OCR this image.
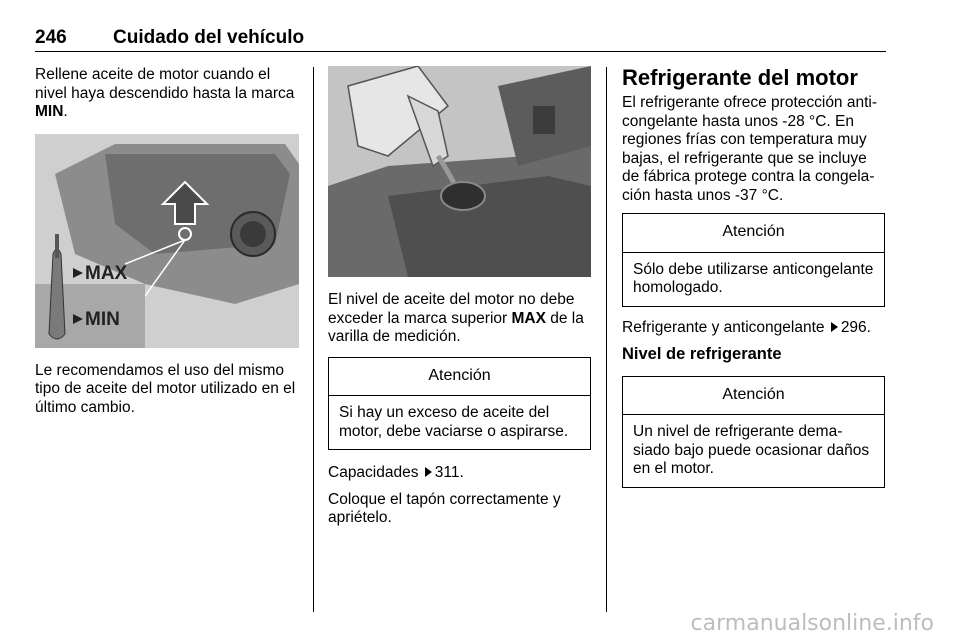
246 Cuidado del vehículo

Rellene aceite de motor cuando el nivel haya descendido hasta la marca MIN.

MAX
MIN

Le recomendamos el uso del mismo tipo de aceite del motor utilizado en el último cambio.

El nivel de aceite del motor no debe exceder la marca superior MAX de la varilla de medición.

Atención
Si hay un exceso de aceite del motor, debe vaciarse o aspirarse.

Capacidades 311.

Coloque el tapón correctamente y apriételo.

Refrigerante del motor

El refrigerante ofrece protección anticongelante hasta unos -28 °C. En regiones frías con temperatura muy bajas, el refrigerante que se incluye de fábrica protege contra la congelación hasta unos -37 °C.

Atención
Sólo debe utilizarse anticongelante homologado.

Refrigerante y anticongelante 296.

Nivel de refrigerante
Atención
Un nivel de refrigerante demasiado bajo puede ocasionar daños en el motor.
carmanualsonline.info
